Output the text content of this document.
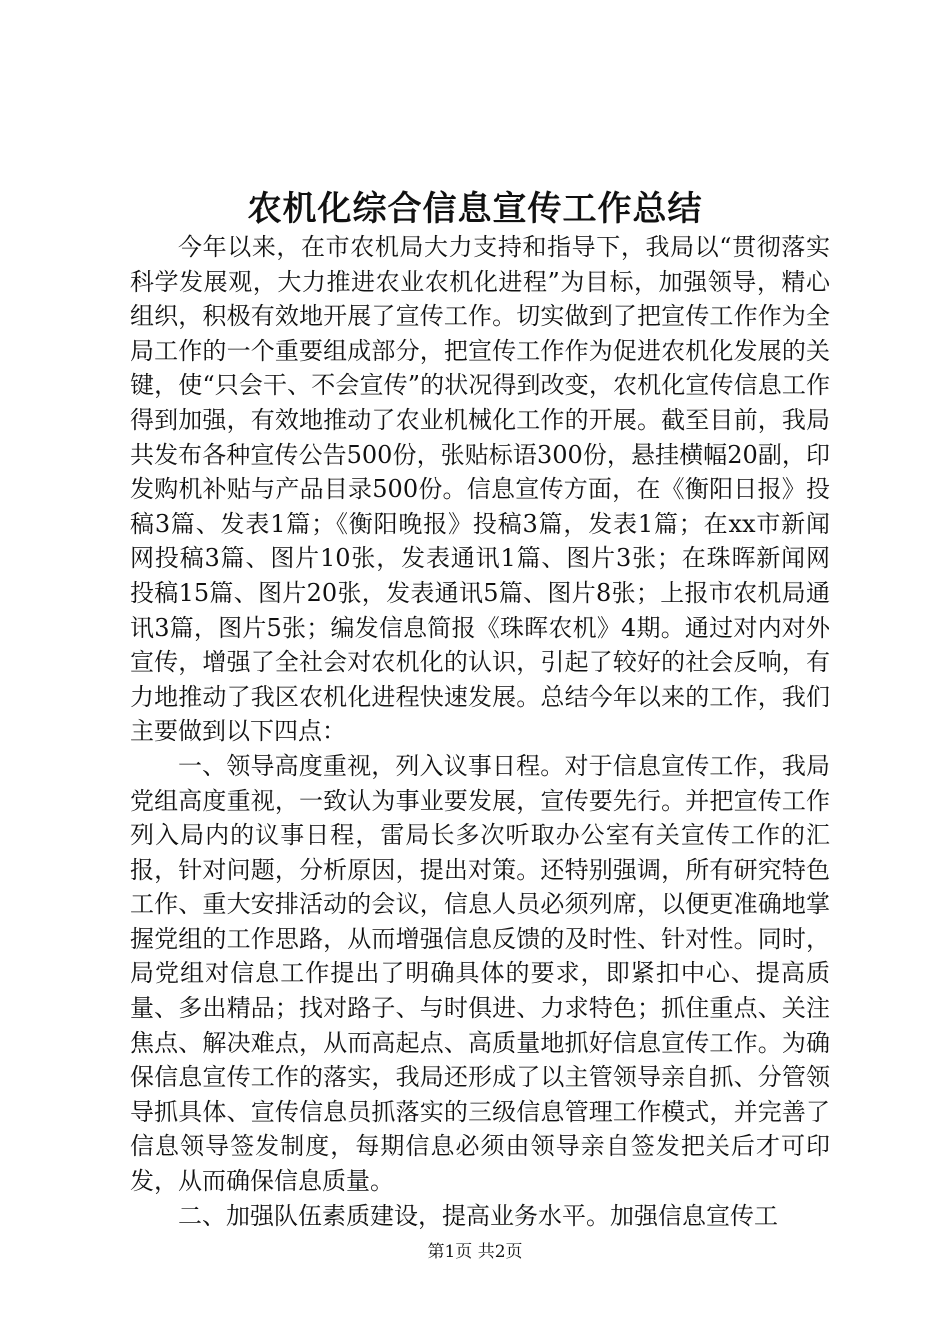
农机化综合信息宣传工作总结

今年以来，在市农机局大力支持和指导下，我局以“贯彻落实科学发展观，大力推进农业农机化进程”为目标，加强领导，精心组织，积极有效地开展了宣传工作。切实做到了把宣传工作作为全局工作的一个重要组成部分，把宣传工作作为促进农机化发展的关键，使“只会干、不会宣传”的状况得到改变，农机化宣传信息工作得到加强，有效地推动了农业机械化工作的开展。截至目前，我局共发布各种宣传公告500份，张贴标语300份，悬挂横幅20副，印发购机补贴与产品目录500份。信息宣传方面，在《衡阳日报》投稿3篇、发表1篇；《衡阳晚报》投稿3篇，发表1篇；在xx市新闻网投稿3篇、图片10张，发表通讯1篇、图片3张；在珠晖新闻网投稿15篇、图片20张，发表通讯5篇、图片8张；上报市农机局通讯3篇，图片5张；编发信息简报《珠晖农机》4期。通过对内对外宣传，增强了全社会对农机化的认识，引起了较好的社会反响，有力地推动了我区农机化进程快速发展。总结今年以来的工作，我们主要做到以下四点：

一、领导高度重视，列入议事日程。对于信息宣传工作，我局党组高度重视，一致认为事业要发展，宣传要先行。并把宣传工作列入局内的议事日程，雷局长多次听取办公室有关宣传工作的汇报，针对问题，分析原因，提出对策。还特别强调，所有研究特色工作、重大安排活动的会议，信息人员必须列席，以便更准确地掌握党组的工作思路，从而增强信息反馈的及时性、针对性。同时，局党组对信息工作提出了明确具体的要求，即紧扣中心、提高质量、多出精品；找对路子、与时俱进、力求特色；抓住重点、关注焦点、解决难点，从而高起点、高质量地抓好信息宣传工作。为确保信息宣传工作的落实，我局还形成了以主管领导亲自抓、分管领导抓具体、宣传信息员抓落实的三级信息管理工作模式，并完善了信息领导签发制度，每期信息必须由领导亲自签发把关后才可印发，从而确保信息质量。

二、加强队伍素质建设，提高业务水平。加强信息宣传工

第1页 共2页
